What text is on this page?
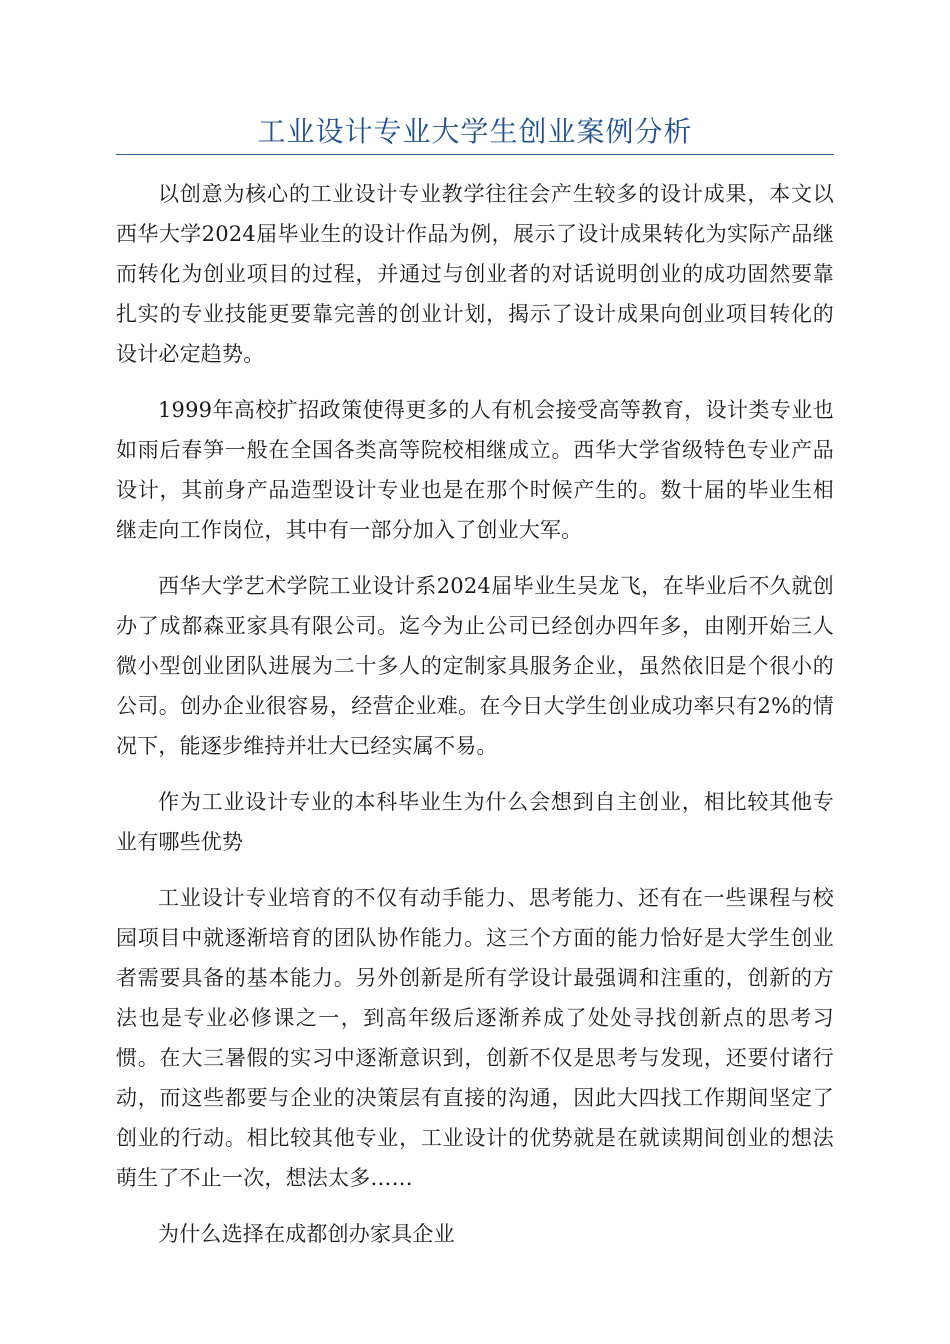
工业设计专业大学生创业案例分析

以创意为核心的工业设计专业教学往往会产生较多的设计成果，本文以西华大学2024届毕业生的设计作品为例，展示了设计成果转化为实际产品继而转化为创业项目的过程，并通过与创业者的对话说明创业的成功固然要靠扎实的专业技能更要靠完善的创业计划，揭示了设计成果向创业项目转化的设计必定趋势。

1999年高校扩招政策使得更多的人有机会接受高等教育，设计类专业也如雨后春笋一般在全国各类高等院校相继成立。西华大学省级特色专业产品设计，其前身产品造型设计专业也是在那个时候产生的。数十届的毕业生相继走向工作岗位，其中有一部分加入了创业大军。

西华大学艺术学院工业设计系2024届毕业生吴龙飞，在毕业后不久就创办了成都森亚家具有限公司。迄今为止公司已经创办四年多，由刚开始三人微小型创业团队进展为二十多人的定制家具服务企业，虽然依旧是个很小的公司。创办企业很容易，经营企业难。在今日大学生创业成功率只有2%的情况下，能逐步维持并壮大已经实属不易。

作为工业设计专业的本科毕业生为什么会想到自主创业，相比较其他专业有哪些优势

工业设计专业培育的不仅有动手能力、思考能力、还有在一些课程与校园项目中就逐渐培育的团队协作能力。这三个方面的能力恰好是大学生创业者需要具备的基本能力。另外创新是所有学设计最强调和注重的，创新的方法也是专业必修课之一，到高年级后逐渐养成了处处寻找创新点的思考习惯。在大三暑假的实习中逐渐意识到，创新不仅是思考与发现，还要付诸行动，而这些都要与企业的决策层有直接的沟通，因此大四找工作期间坚定了创业的行动。相比较其他专业，工业设计的优势就是在就读期间创业的想法萌生了不止一次，想法太多……

为什么选择在成都创办家具企业
